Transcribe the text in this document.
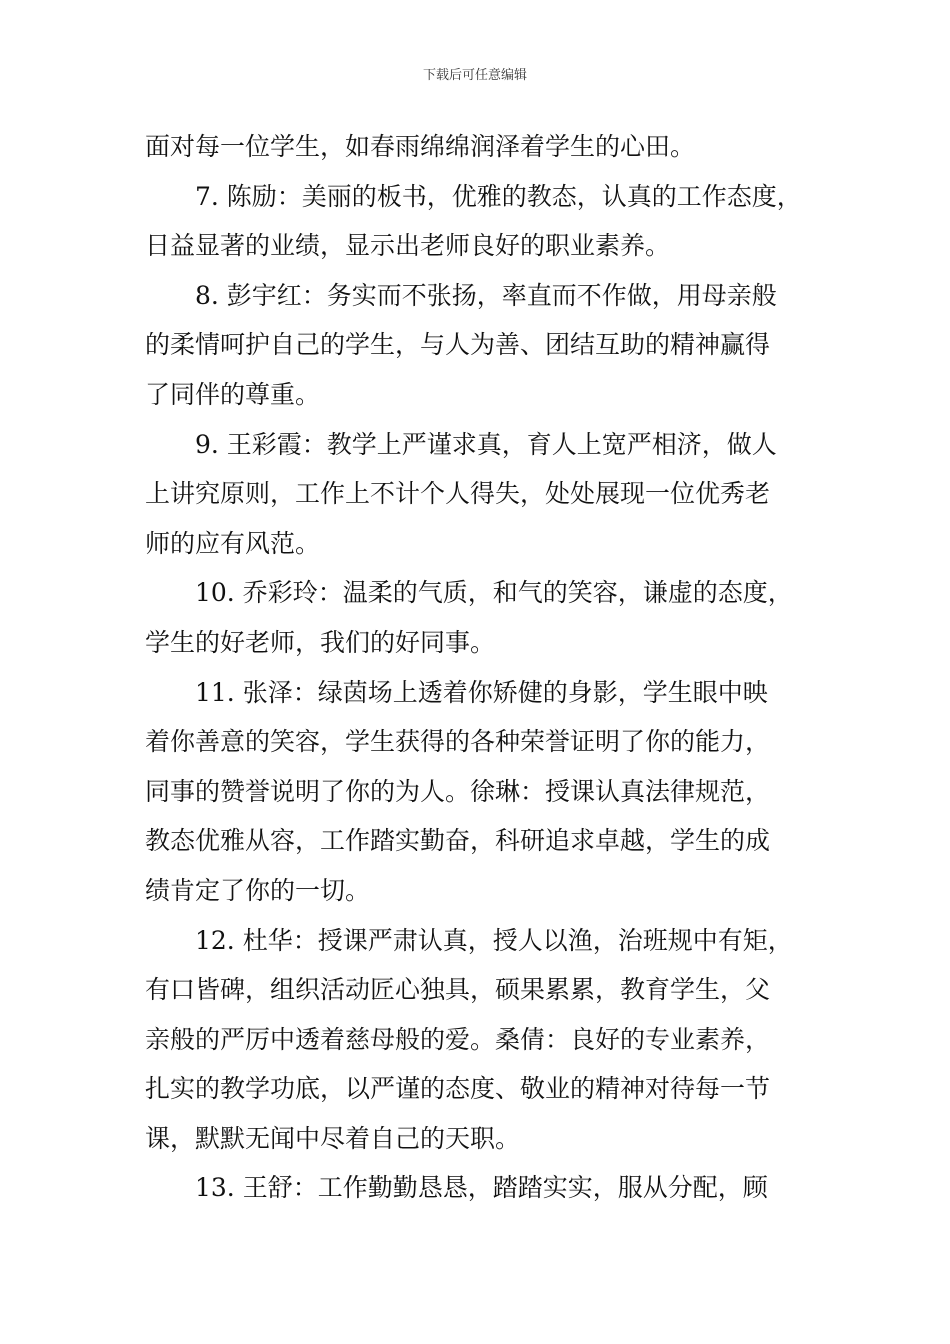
下载后可任意编辑
面对每一位学生，如春雨绵绵润泽着学生的心田。
7. 陈励：美丽的板书，优雅的教态，认真的工作态度，
日益显著的业绩，显示出老师良好的职业素养。
8. 彭宇红：务实而不张扬，率直而不作做，用母亲般
的柔情呵护自己的学生，与人为善、团结互助的精神赢得
了同伴的尊重。
9. 王彩霞：教学上严谨求真，育人上宽严相济，做人
上讲究原则，工作上不计个人得失，处处展现一位优秀老
师的应有风范。
10. 乔彩玲：温柔的气质，和气的笑容，谦虚的态度，
学生的好老师，我们的好同事。
11. 张泽：绿茵场上透着你矫健的身影，学生眼中映
着你善意的笑容，学生获得的各种荣誉证明了你的能力，
同事的赞誉说明了你的为人。徐琳：授课认真法律规范，
教态优雅从容，工作踏实勤奋，科研追求卓越，学生的成
绩肯定了你的一切。
12. 杜华：授课严肃认真，授人以渔，治班规中有矩，
有口皆碑，组织活动匠心独具，硕果累累，教育学生，父
亲般的严厉中透着慈母般的爱。桑倩：良好的专业素养，
扎实的教学功底，以严谨的态度、敬业的精神对待每一节
课，默默无闻中尽着自己的天职。
13. 王舒：工作勤勤恳恳，踏踏实实，服从分配，顾
